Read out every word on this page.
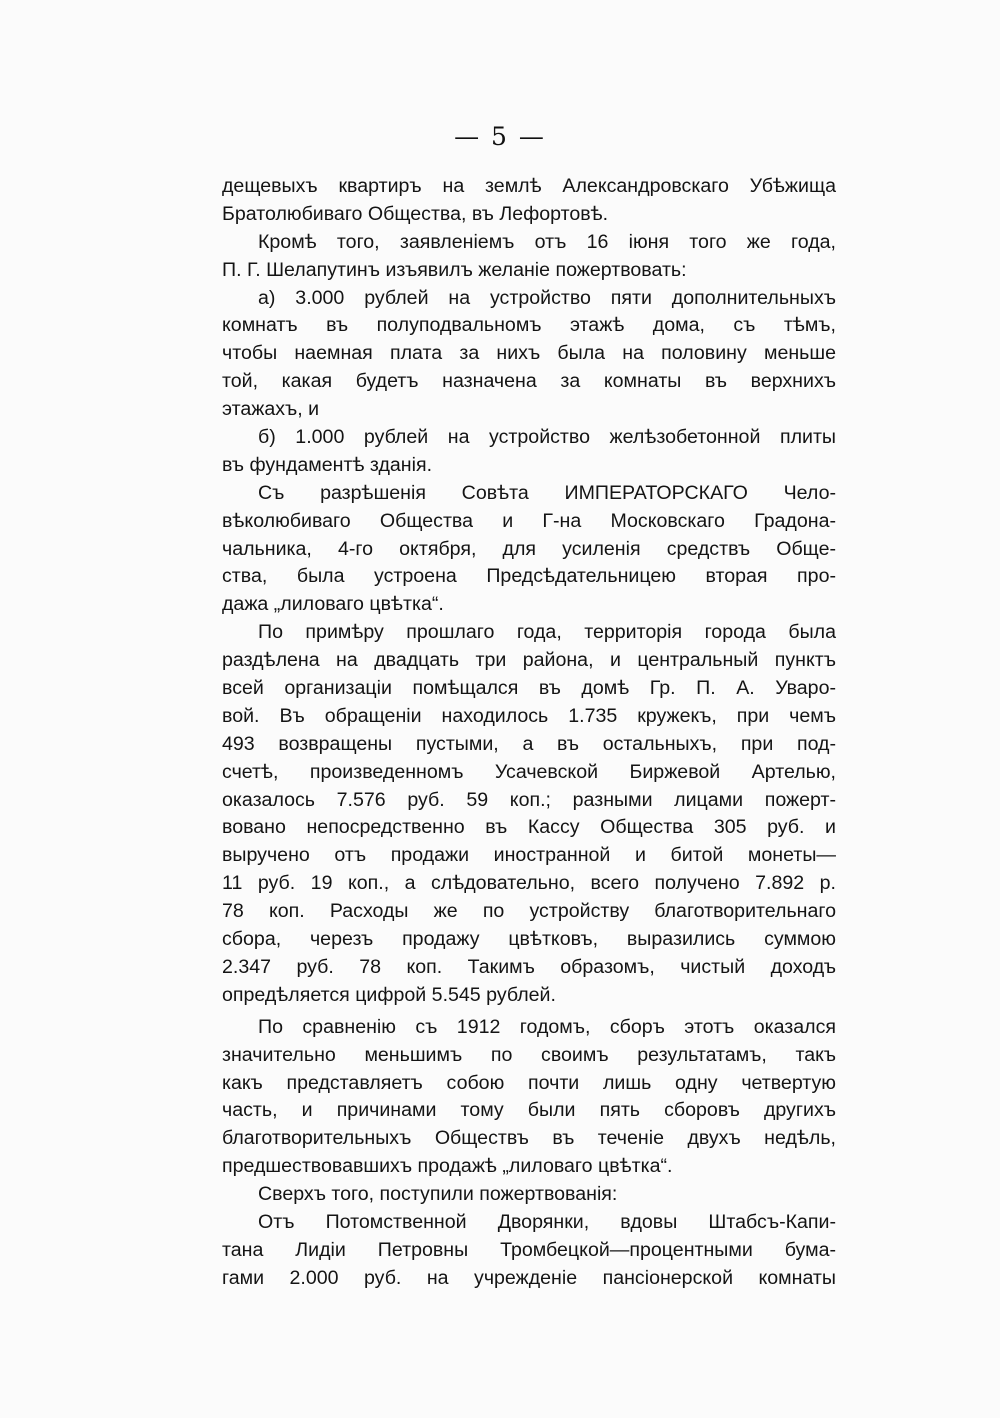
— 5 —
дещевыхъ квартиръ на землѣ Александровскаго Убѣжища
Братолюбиваго Общества, въ Лефортовѣ.
Кромѣ того, заявленіемъ отъ 16 іюня того же года,
П. Г. Шелапутинъ изъявилъ желаніе пожертвовать:
а) 3.000 рублей на устройство пяти дополнительныхъ
комнатъ въ полуподвальномъ этажѣ дома, съ тѣмъ,
чтобы наемная плата за нихъ была на половину меньше
той, какая будетъ назначена за комнаты въ верхнихъ
этажахъ, и
б) 1.000 рублей на устройство желѣзобетонной плиты
въ фундаментѣ зданія.
Съ разрѣшенія Совѣта ИМПЕРАТОРСКАГО Чело-
вѣколюбиваго Общества и Г-на Московскаго Градона-
чальника, 4-го октября, для усиленія средствъ Обще-
ства, была устроена Предсѣдательницею вторая про-
дажа „лиловаго цвѣтка“.
По примѣру прошлаго года, территорія города была
раздѣлена на двадцать три района, и центральный пунктъ
всей организаціи помѣщался въ домѣ Гр. П. А. Уваро-
вой. Въ обращеніи находилось 1.735 кружекъ, при чемъ
493 возвращены пустыми, а въ остальныхъ, при под-
счетѣ, произведенномъ Усачевской Биржевой Артелью,
оказалось 7.576 руб. 59 коп.; разными лицами пожерт-
вовано непосредственно въ Кассу Общества 305 руб. и
выручено отъ продажи иностранной и битой монеты—
11 руб. 19 коп., а слѣдовательно, всего получено 7.892 р.
78 коп. Расходы же по устройству благотворительнаго
сбора, черезъ продажу цвѣтковъ, выразились суммою
2.347 руб. 78 коп. Такимъ образомъ, чистый доходъ
опредѣляется цифрой 5.545 рублей.
По сравненію съ 1912 годомъ, сборъ этотъ оказался
значительно меньшимъ по своимъ результатамъ, такъ
какъ представляетъ собою почти лишь одну четвертую
часть, и причинами тому были пять сборовъ другихъ
благотворительныхъ Обществъ въ теченіе двухъ недѣль,
предшествовавшихъ продажѣ „лиловаго цвѣтка“.
Сверхъ того, поступили пожертвованія:
Отъ Потомственной Дворянки, вдовы Штабсъ-Капи-
тана Лидіи Петровны Тромбецкой—процентными бума-
гами 2.000 руб. на учрежденіе пансіонерской комнаты
